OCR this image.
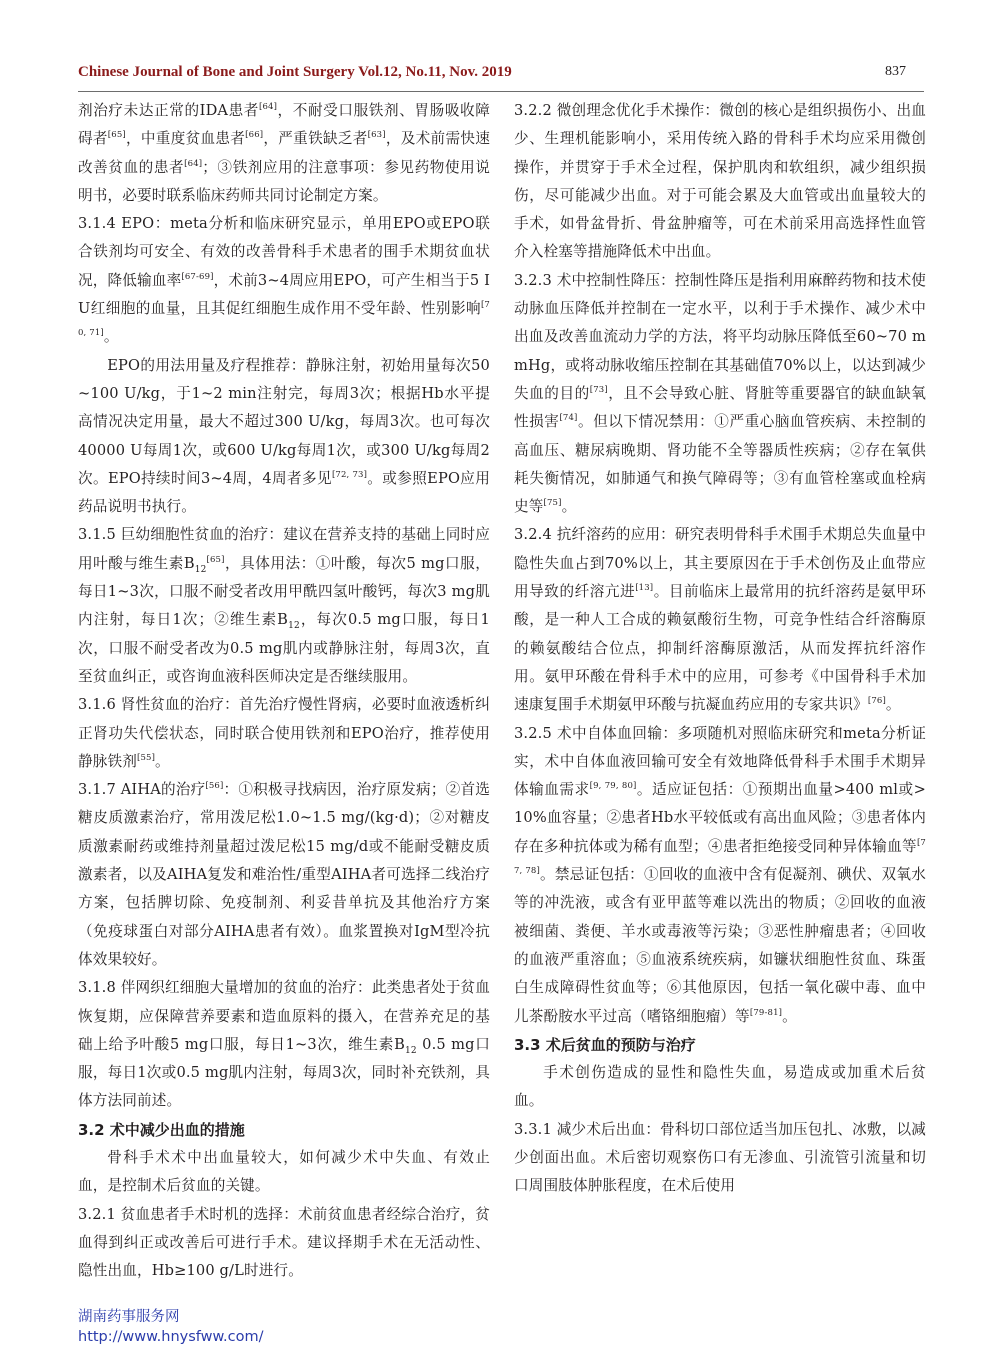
Chinese Journal of Bone and Joint Surgery Vol.12, No.11, Nov. 2019	837

剂治疗未达正常的IDA患者[64]，不耐受口服铁剂、胃肠吸收障碍者[65]，中重度贫血患者[66]，严重铁缺乏者[63]，及术前需快速改善贫血的患者[64]；③铁剂应用的注意事项：参见药物使用说明书，必要时联系临床药师共同讨论制定方案。

3.1.4 EPO：meta分析和临床研究显示，单用EPO或EPO联合铁剂均可安全、有效的改善骨科手术患者的围手术期贫血状况，降低输血率[67-69]，术前3~4周应用EPO，可产生相当于5 IU红细胞的血量，且其促红细胞生成作用不受年龄、性别影响[70, 71]。

EPO的用法用量及疗程推荐：静脉注射，初始用量每次50~100 U/kg，于1~2 min注射完，每周3次；根据Hb水平提高情况决定用量，最大不超过300 U/kg，每周3次。也可每次40000 U每周1次，或600 U/kg每周1次，或300 U/kg每周2次。EPO持续时间3~4周，4周者多见[72, 73]。或参照EPO应用药品说明书执行。

3.1.5 巨幼细胞性贫血的治疗：建议在营养支持的基础上同时应用叶酸与维生素$B_{12}[65]$，具体用法：①叶酸，每次5 mg口服，每日1~3次，口服不耐受者改用甲酰四氢叶酸钙，每次3 mg肌内注射，每日1次；②维生素$B_{12}$，每次0.5 mg口服，每日1次，口服不耐受者改为0.5 mg肌内或静脉注射，每周3次，直至贫血纠正，或咨询血液科医师决定是否继续服用。

3.1.6 肾性贫血的治疗：首先治疗慢性肾病，必要时血液透析纠正肾功失代偿状态，同时联合使用铁剂和EPO治疗，推荐使用静脉铁剂[55]。

3.1.7 AIHA的治疗[56]：①积极寻找病因，治疗原发病；②首选糖皮质激素治疗，常用泼尼松1.0~1.5 mg/(kg·d)；②对糖皮质激素耐药或维持剂量超过泼尼松15 mg/d或不能耐受糖皮质激素者，以及AIHA复发和难治性/重型AIHA者可选择二线治疗方案，包括脾切除、免疫制剂、利妥昔单抗及其他治疗方案（免疫球蛋白对部分AIHA患者有效）。血浆置换对IgM型冷抗体效果较好。

3.1.8 伴网织红细胞大量增加的贫血的治疗：此类患者处于贫血恢复期，应保障营养要素和造血原料的摄入，在营养充足的基础上给予叶酸5 mg口服，每日1~3次，维生素$B_{12}$ 0.5 mg口服，每日1次或0.5 mg肌内注射，每周3次，同时补充铁剂，具体方法同前述。

3.2 术中减少出血的措施

骨科手术术中出血量较大，如何减少术中失血、有效止血，是控制术后贫血的关键。

3.2.1 贫血患者手术时机的选择：术前贫血患者经综合治疗，贫血得到纠正或改善后可进行手术。建议择期手术在无活动性、隐性出血，Hb≥100 g/L时进行。

3.2.2 微创理念优化手术操作：微创的核心是组织损伤小、出血少、生理机能影响小，采用传统入路的骨科手术均应采用微创操作，并贯穿于手术全过程，保护肌肉和软组织，减少组织损伤，尽可能减少出血。对于可能会累及大血管或出血量较大的手术，如骨盆骨折、骨盆肿瘤等，可在术前采用高选择性血管介入栓塞等措施降低术中出血。

3.2.3 术中控制性降压：控制性降压是指利用麻醉药物和技术使动脉血压降低并控制在一定水平，以利于手术操作、减少术中出血及改善血流动力学的方法，将平均动脉压降低至60~70 mmHg，或将动脉收缩压控制在其基础值70%以上，以达到减少失血的目的[73]，且不会导致心脏、肾脏等重要器官的缺血缺氧性损害[74]。但以下情况禁用：①严重心脑血管疾病、未控制的高血压、糖尿病晚期、肾功能不全等器质性疾病；②存在氧供耗失衡情况，如肺通气和换气障碍等；③有血管栓塞或血栓病史等[75]。

3.2.4 抗纤溶药的应用：研究表明骨科手术围手术期总失血量中隐性失血占到70%以上，其主要原因在于手术创伤及止血带应用导致的纤溶亢进[13]。目前临床上最常用的抗纤溶药是氨甲环酸，是一种人工合成的赖氨酸衍生物，可竞争性结合纤溶酶原的赖氨酸结合位点，抑制纤溶酶原激活，从而发挥抗纤溶作用。氨甲环酸在骨科手术中的应用，可参考《中国骨科手术加速康复围手术期氨甲环酸与抗凝血药应用的专家共识》[76]。

3.2.5 术中自体血回输：多项随机对照临床研究和meta分析证实，术中自体血液回输可安全有效地降低骨科手术围手术期异体输血需求[9, 79, 80]。适应证包括：①预期出血量>400 ml或>10%血容量；②患者Hb水平较低或有高出血风险；③患者体内存在多种抗体或为稀有血型；④患者拒绝接受同种异体输血等[77, 78]。禁忌证包括：①回收的血液中含有促凝剂、碘伏、双氧水等的冲洗液，或含有亚甲蓝等难以洗出的物质；②回收的血液被细菌、粪便、羊水或毒液等污染；③恶性肿瘤患者；④回收的血液严重溶血；⑤血液系统疾病，如镰状细胞性贫血、珠蛋白生成障碍性贫血等；⑥其他原因，包括一氧化碳中毒、血中儿茶酚胺水平过高（嗜铬细胞瘤）等[79-81]。

3.3 术后贫血的预防与治疗

手术创伤造成的显性和隐性失血，易造成或加重术后贫血。

3.3.1 减少术后出血：骨科切口部位适当加压包扎、冰敷，以减少创面出血。术后密切观察伤口有无渗血、引流管引流量和切口周围肢体肿胀程度，在术后使用

湖南药事服务网
http://www.hnysfww.com/
